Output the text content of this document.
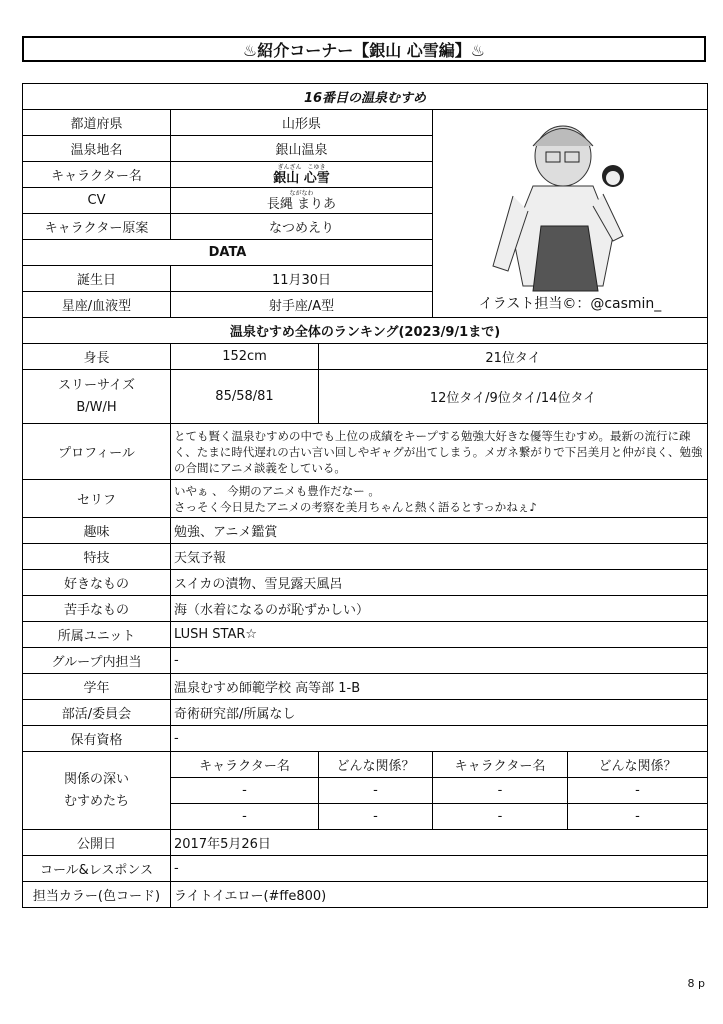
♨紹介コーナー【銀山 心雪編】♨
16番目の温泉むすめ				
都道府県	山形県		イラスト担当©：@casmin_	

温泉地名	銀山温泉			
キャラクター名	ぎんざん　こゆき
銀山 心雪			

CV	ながなわ
長縄 まりあ			

キャラクター原案	なつめえり			
DATA				
誕生日	11月30日			
星座/血液型	射手座/A型			
温泉むすめ全体のランキング(2023/9/1まで)				
身長	152cm	21位タイ		

スリーサイズ
B/W/H	85/58/81	12位タイ/9位タイ/14位タイ		
プロフィール	とても賢く温泉むすめの中でも上位の成績をキープする勉強大好きな優等生むすめ。最新の流行に疎く、たまに時代遅れの古い言い回しやギャグが出てしまう。メガネ繋がりで下呂美月と仲が良く、勉強の合間にアニメ談義をしている。			
セリフ	いやぁ 、 今期のアニメも豊作だなー 。
さっそく今日見たアニメの考察を美月ちゃんと熱く語るとすっかねぇ♪			

趣味	勉強、アニメ鑑賞			
特技	天気予報			
好きなもの	スイカの漬物、雪見露天風呂			
苦手なもの	海（水着になるのが恥ずかしい）			
所属ユニット	LUSH STAR☆			
グループ内担当	-			
学年	温泉むすめ師範学校 高等部 1-B			
部活/委員会	奇術研究部/所属なし			
保有資格	-			

関係の深い
むすめたち	キャラクター名	どんな関係？	キャラクター名	どんな関係？
	-	-	-	-
	-	-	-	-
公開日	2017年5月26日			
コール&レスポンス	-			
担当カラー(色コード)	ライトイエロー(#ffe800)			
8 p
